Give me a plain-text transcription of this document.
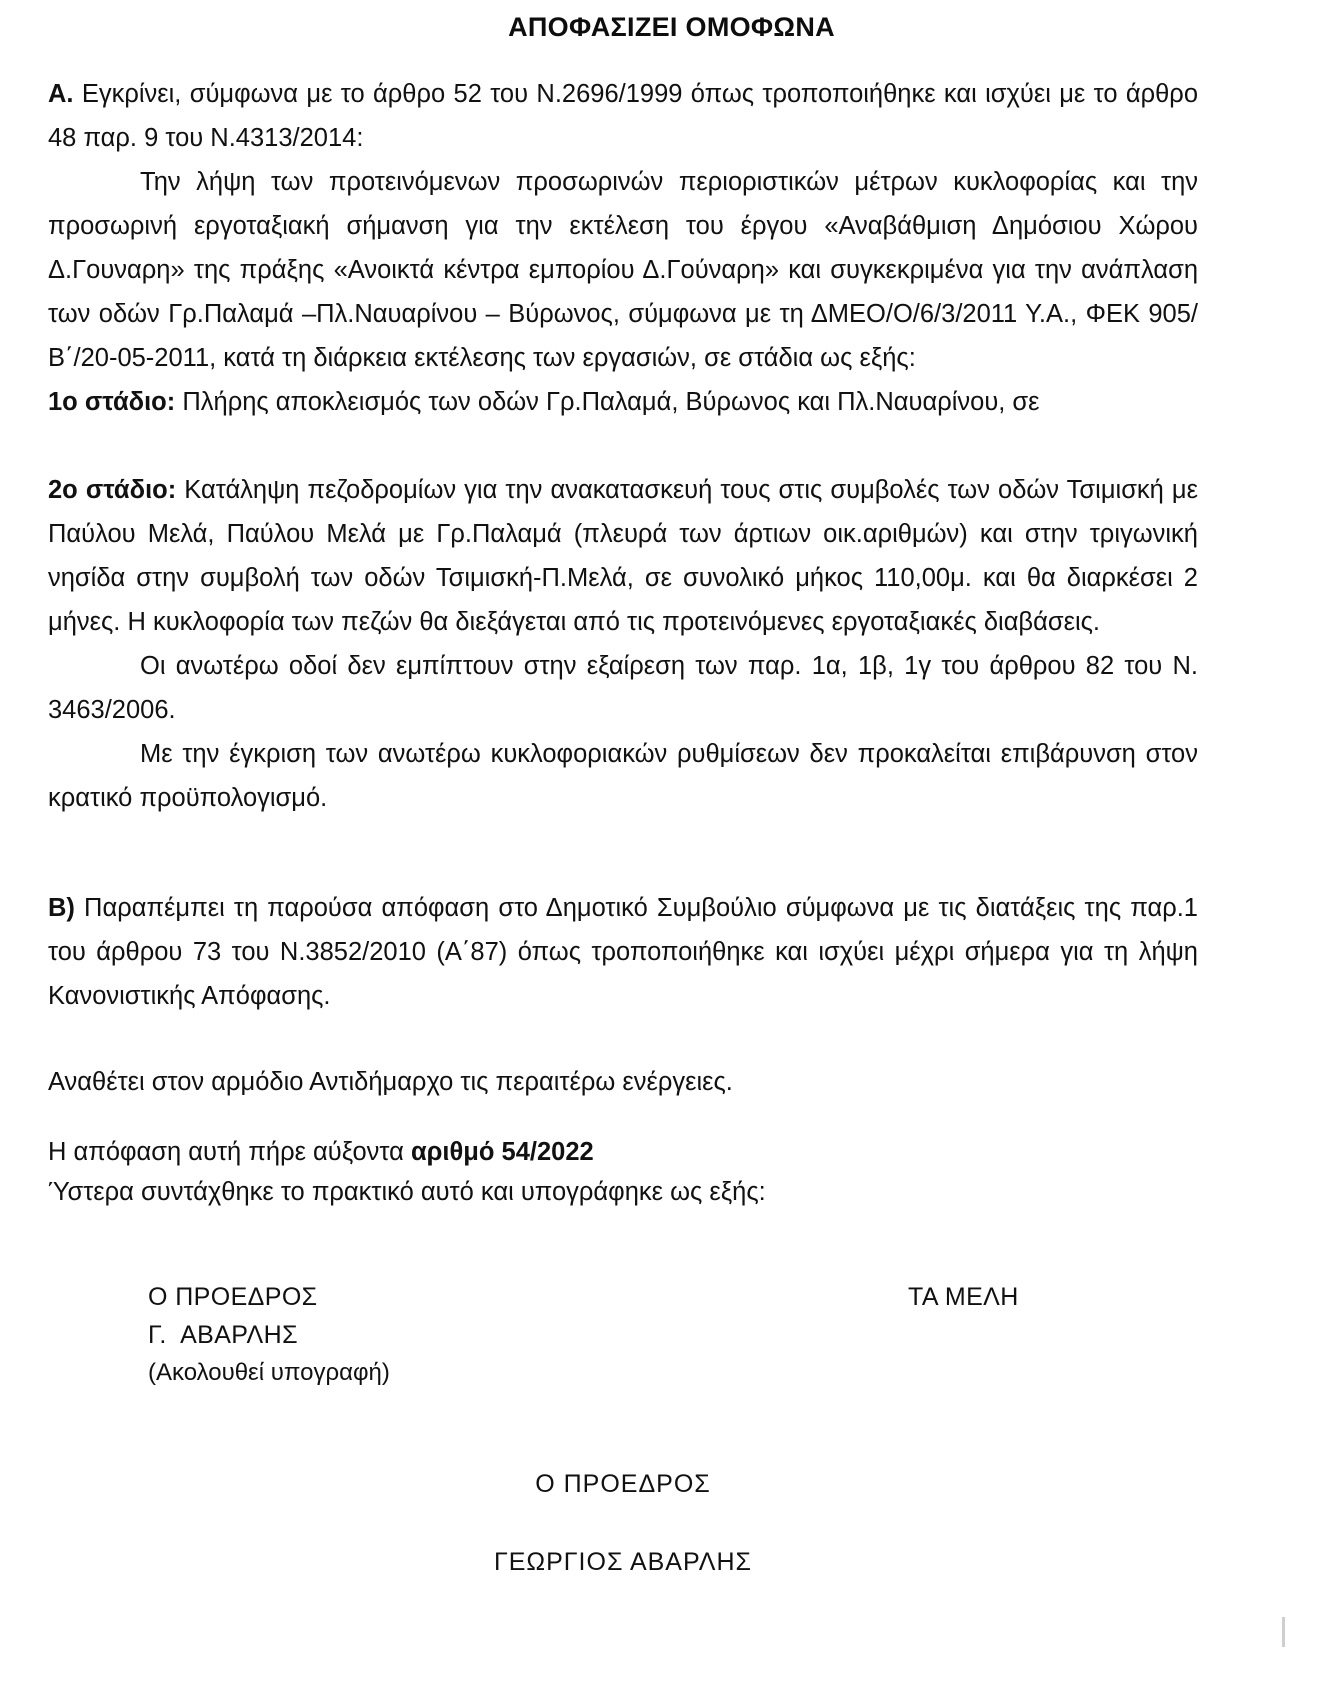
ΑΠΟΦΑΣΙΖΕΙ ΟΜΟΦΩΝΑ

Α. Εγκρίνει, σύμφωνα με το άρθρο 52 του Ν.2696/1999 όπως τροποποιήθηκε και ισχύει με το άρθρο 48 παρ. 9 του Ν.4313/2014:

Την λήψη των προτεινόμενων προσωρινών περιοριστικών μέτρων κυκλοφορίας και την προσωρινή εργοταξιακή σήμανση για την εκτέλεση του έργου «Αναβάθμιση Δημόσιου Χώρου Δ.Γουναρη» της πράξης «Ανοικτά κέντρα εμπορίου Δ.Γούναρη» και συγκεκριμένα για την ανάπλαση των οδών Γρ.Παλαμά –Πλ.Ναυαρίνου – Βύρωνος, σύμφωνα με τη ΔΜΕΟ/Ο/6/3/2011 Υ.Α., ΦΕΚ 905/Β΄/20-05-2011, κατά τη διάρκεια εκτέλεσης των εργασιών, σε στάδια ως εξής:

1ο στάδιο: Πλήρης αποκλεισμός των οδών Γρ.Παλαμά, Βύρωνος και Πλ.Ναυαρίνου, σε

2ο στάδιο: Κατάληψη πεζοδρομίων για την ανακατασκευή τους στις συμβολές των οδών Τσιμισκή με Παύλου Μελά, Παύλου Μελά με Γρ.Παλαμά (πλευρά των άρτιων οικ.αριθμών) και στην τριγωνική νησίδα στην συμβολή των οδών Τσιμισκή-Π.Μελά, σε συνολικό μήκος 110,00μ. και θα διαρκέσει 2 μήνες. Η κυκλοφορία των πεζών θα διεξάγεται από τις προτεινόμενες εργοταξιακές διαβάσεις.

Οι ανωτέρω οδοί δεν εμπίπτουν στην εξαίρεση των παρ. 1α, 1β, 1γ του άρθρου 82 του Ν. 3463/2006.

Με την έγκριση των ανωτέρω κυκλοφοριακών ρυθμίσεων δεν προκαλείται επιβάρυνση στον κρατικό προϋπολογισμό.

Β) Παραπέμπει τη παρούσα απόφαση στο Δημοτικό Συμβούλιο σύμφωνα με τις διατάξεις της παρ.1 του άρθρου 73 του Ν.3852/2010 (Α΄87) όπως τροποποιήθηκε και ισχύει μέχρι σήμερα για τη λήψη Κανονιστικής Απόφασης.

Αναθέτει στον αρμόδιο Αντιδήμαρχο τις περαιτέρω ενέργειες.

Η απόφαση αυτή πήρε αύξοντα αριθμό 54/2022

Ύστερα συντάχθηκε το πρακτικό αυτό και υπογράφηκε ως εξής:

Ο ΠΡΟΕΔΡΟΣ

Γ.  ΑΒΑΡΛΗΣ

(Ακολουθεί υπογραφή)

ΤΑ ΜΕΛΗ

Ο ΠΡΟΕΔΡΟΣ

ΓΕΩΡΓΙΟΣ ΑΒΑΡΛΗΣ
